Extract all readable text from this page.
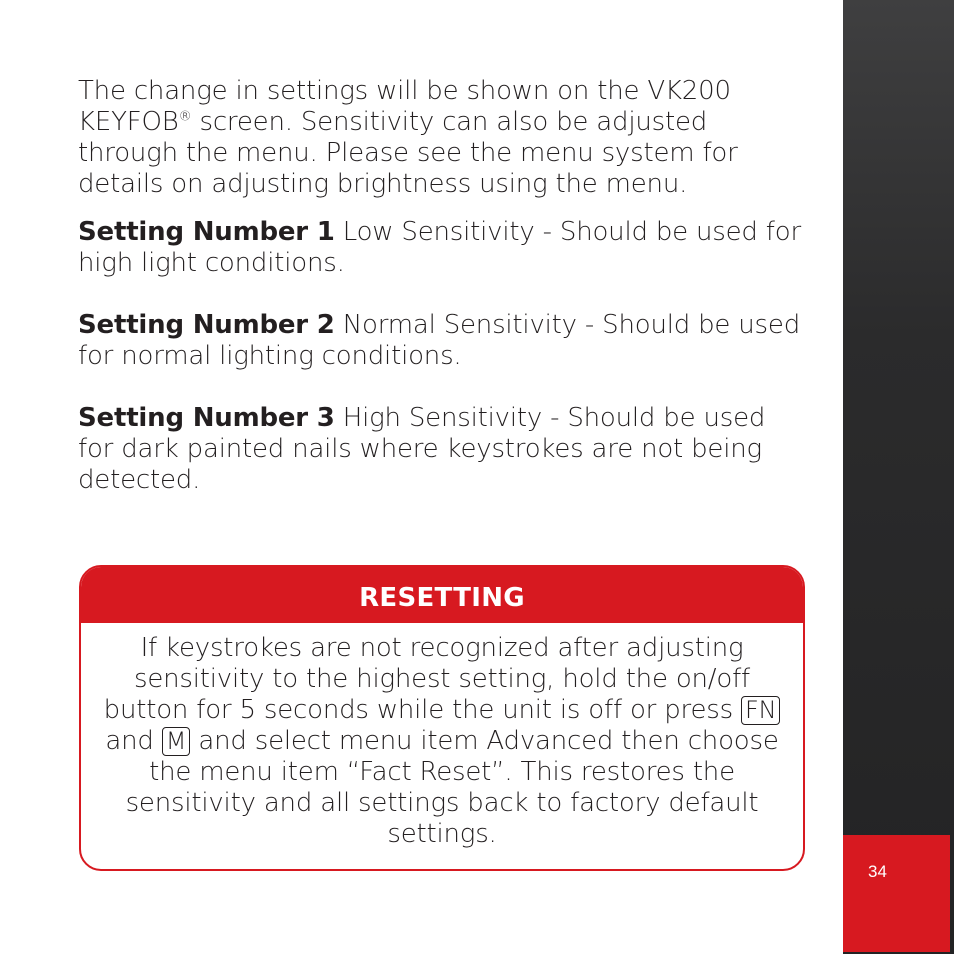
34

The change in settings will be shown on the VK200 KEYFOB® screen. Sensitivity can also be adjusted through the menu. Please see the menu system for details on adjusting brightness using the menu.

Setting Number 1 Low Sensitivity - Should be used for high light conditions.

Setting Number 2 Normal Sensitivity - Should be used for normal lighting conditions.

Setting Number 3 High Sensitivity - Should be used for dark painted nails where keystrokes are not being detected.

RESETTING
If keystrokes are not recognized after adjusting sensitivity to the highest setting, hold the on/off button for 5 seconds while the unit is off or press FN and M and select menu item Advanced then choose the menu item “Fact Reset”. This restores the sensitivity and all settings back to factory default settings.
